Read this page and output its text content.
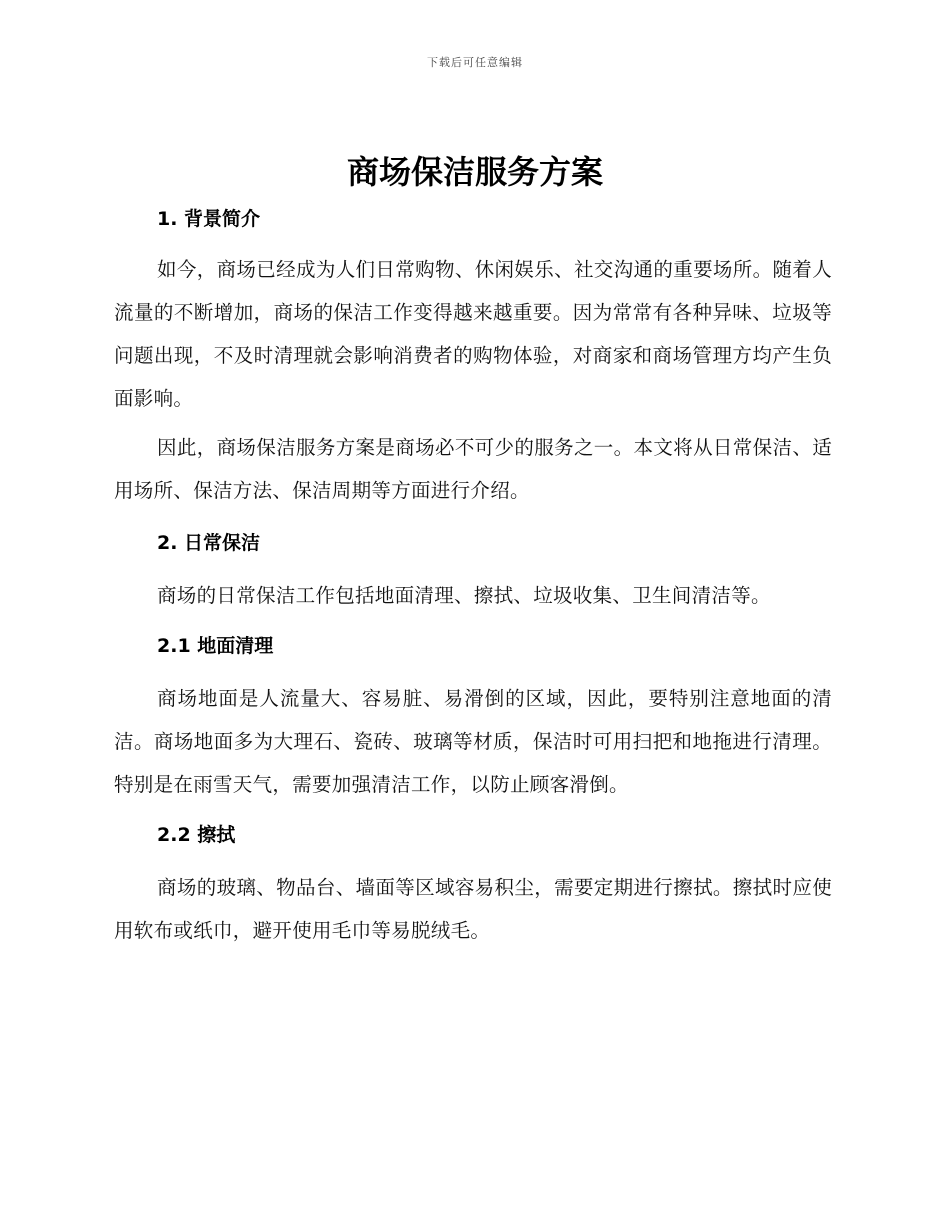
下载后可任意编辑
商场保洁服务方案
1. 背景简介

如今，商场已经成为人们日常购物、休闲娱乐、社交沟通的重要场所。随着人流量的不断增加，商场的保洁工作变得越来越重要。因为常常有各种异味、垃圾等问题出现，不及时清理就会影响消费者的购物体验，对商家和商场管理方均产生负面影响。

因此，商场保洁服务方案是商场必不可少的服务之一。本文将从日常保洁、适用场所、保洁方法、保洁周期等方面进行介绍。

2. 日常保洁

商场的日常保洁工作包括地面清理、擦拭、垃圾收集、卫生间清洁等。

2.1 地面清理

商场地面是人流量大、容易脏、易滑倒的区域，因此，要特别注意地面的清洁。商场地面多为大理石、瓷砖、玻璃等材质，保洁时可用扫把和地拖进行清理。特别是在雨雪天气，需要加强清洁工作，以防止顾客滑倒。

2.2 擦拭

商场的玻璃、物品台、墙面等区域容易积尘，需要定期进行擦拭。擦拭时应使用软布或纸巾，避开使用毛巾等易脱绒毛。
